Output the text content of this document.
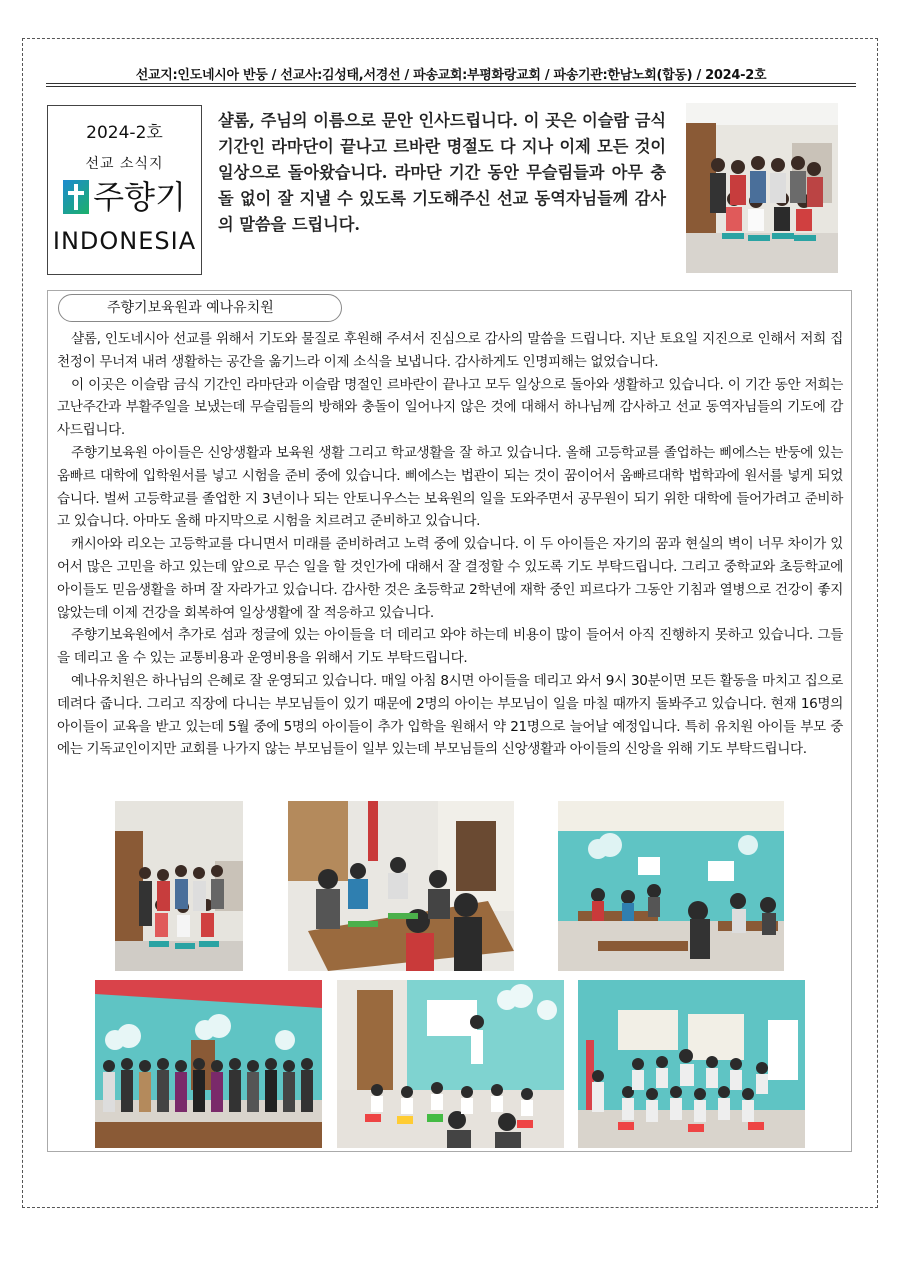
선교지:인도네시아 반둥 / 선교사:김성태,서경선 / 파송교회:부평화랑교회 / 파송기관:한남노회(합동) / 2024-2호
2024-2호
선교 소식지
주향기
INDONESIA
샬롬, 주님의 이름으로 문안 인사드립니다. 이 곳은 이슬람 금식기간인 라마단이 끝나고 르바란 명절도 다 지나 이제 모든 것이 일상으로 돌아왔습니다. 라마단 기간 동안 무슬림들과 아무 충돌 없이 잘 지낼 수 있도록 기도해주신 선교 동역자님들께 감사의 말씀을 드립니다.
주향기보육원과 예나유치원

샬롬, 인도네시아 선교를 위해서 기도와 물질로 후원해 주셔서 진심으로 감사의 말씀을 드립니다. 지난 토요일 지진으로 인해서 저희 집 천정이 무너져 내려 생활하는 공간을 옮기느라 이제 소식을 보냅니다. 감사하게도 인명피해는 없었습니다.

이 이곳은 이슬람 금식 기간인 라마단과 이슬람 명절인 르바란이 끝나고 모두 일상으로 돌아와 생활하고 있습니다. 이 기간 동안 저희는 고난주간과 부활주일을 보냈는데 무슬림들의 방해와 충돌이 일어나지 않은 것에 대해서 하나님께 감사하고 선교 동역자님들의 기도에 감사드립니다.

주향기보육원 아이들은 신앙생활과 보육원 생활 그리고 학교생활을 잘 하고 있습니다. 올해 고등학교를 졸업하는 삐에스는 반둥에 있는 움빠르 대학에 입학원서를 넣고 시험을 준비 중에 있습니다. 삐에스는 법관이 되는 것이 꿈이어서 움빠르대학 법학과에 원서를 넣게 되었습니다. 벌써 고등학교를 졸업한 지 3년이나 되는 안토니우스는 보육원의 일을 도와주면서 공무원이 되기 위한 대학에 들어가려고 준비하고 있습니다. 아마도 올해 마지막으로 시험을 치르려고 준비하고 있습니다.

캐시아와 리오는 고등학교를 다니면서 미래를 준비하려고 노력 중에 있습니다. 이 두 아이들은 자기의 꿈과 현실의 벽이 너무 차이가 있어서 많은 고민을 하고 있는데 앞으로 무슨 일을 할 것인가에 대해서 잘 결정할 수 있도록 기도 부탁드립니다. 그리고 중학교와 초등학교에 아이들도 믿음생활을 하며 잘 자라가고 있습니다. 감사한 것은 초등학교 2학년에 재학 중인 피르다가 그동안 기침과 열병으로 건강이 좋지 않았는데 이제 건강을 회복하여 일상생활에 잘 적응하고 있습니다.

주향기보육원에서 추가로 섬과 정글에 있는 아이들을 더 데리고 와야 하는데 비용이 많이 들어서 아직 진행하지 못하고 있습니다. 그들을 데리고 올 수 있는 교통비용과 운영비용을 위해서 기도 부탁드립니다.

예나유치원은 하나님의 은혜로 잘 운영되고 있습니다. 매일 아침 8시면 아이들을 데리고 와서 9시 30분이면 모든 활동을 마치고 집으로 데려다 줍니다. 그리고 직장에 다니는 부모님들이 있기 때문에 2명의 아이는 부모님이 일을 마칠 때까지 돌봐주고 있습니다. 현재 16명의 아이들이 교육을 받고 있는데 5월 중에 5명의 아이들이 추가 입학을 원해서 약 21명으로 늘어날 예정입니다. 특히 유치원 아이들 부모 중에는 기독교인이지만 교회를 나가지 않는 부모님들이 일부 있는데 부모님들의 신앙생활과 아이들의 신앙을 위해 기도 부탁드립니다.
